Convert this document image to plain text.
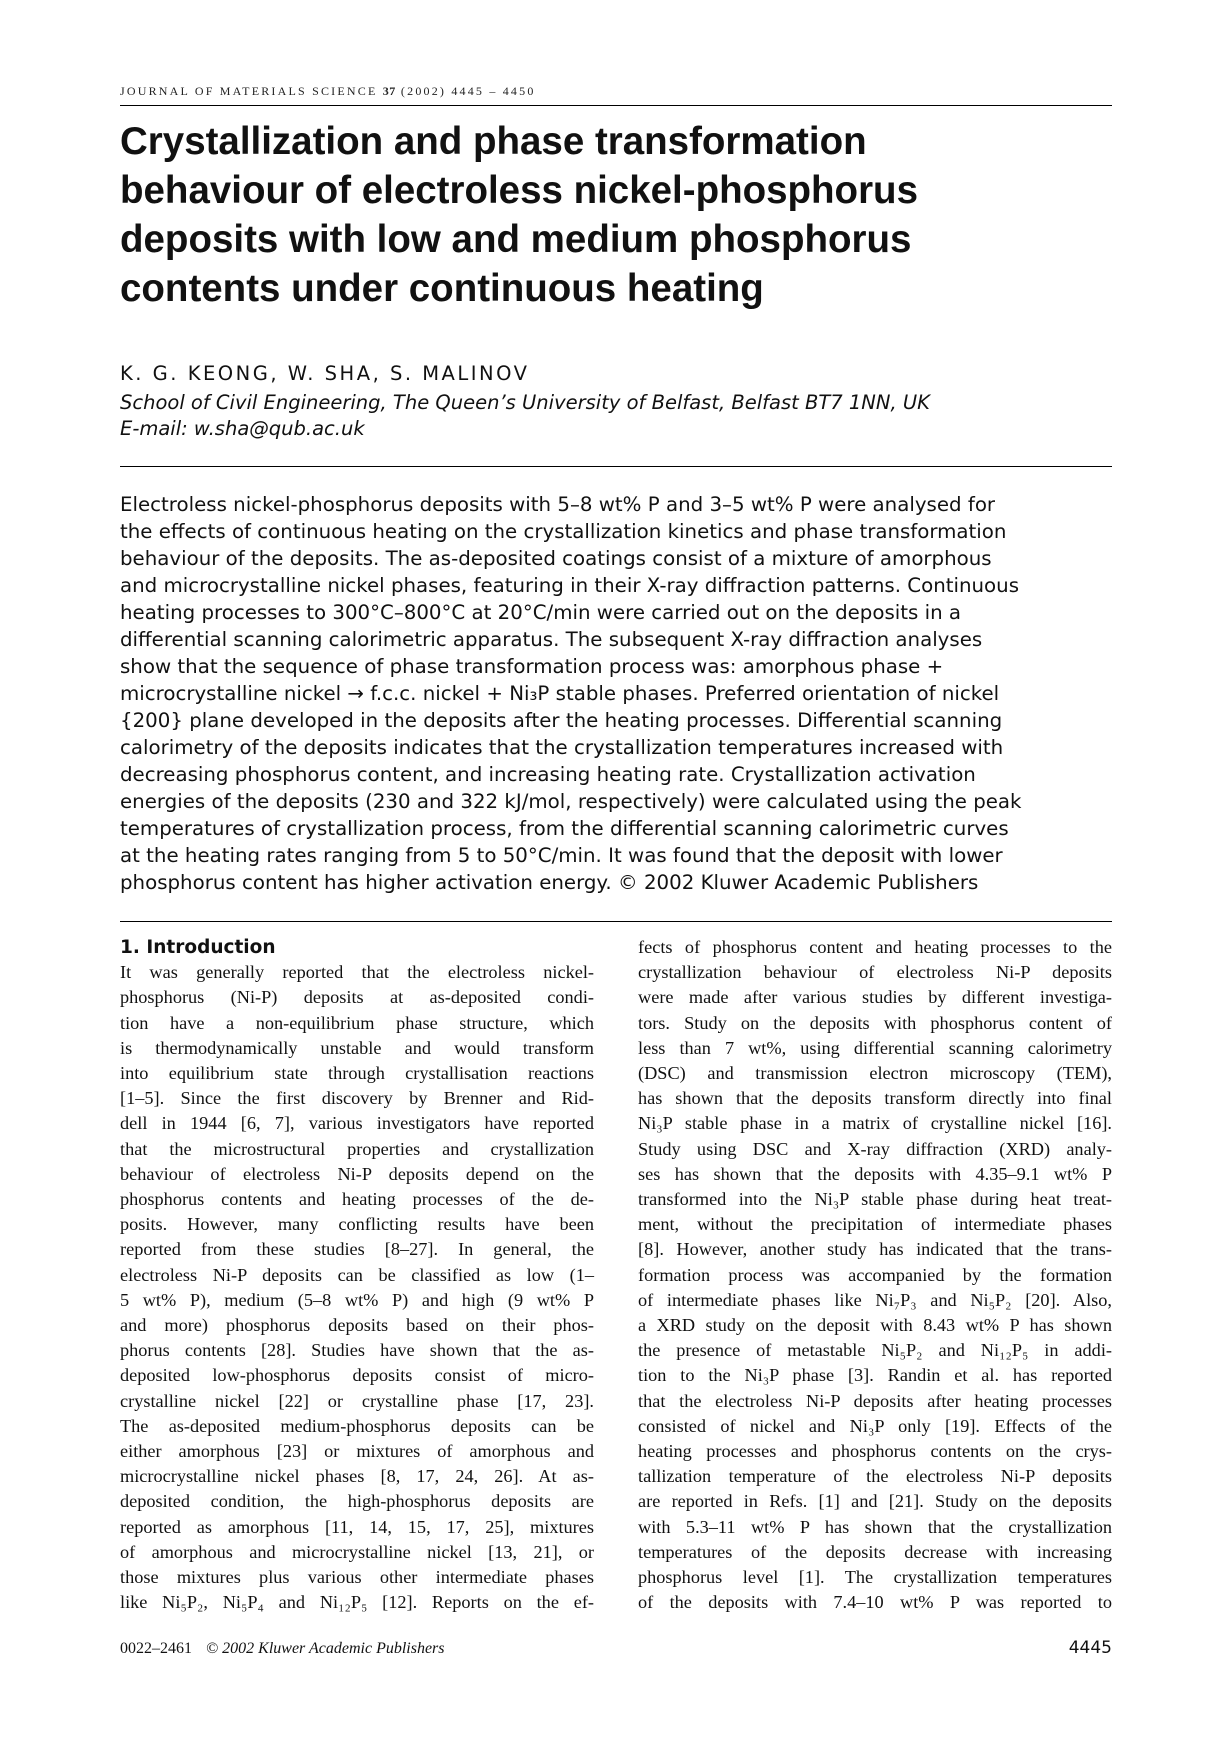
JOURNAL OF MATERIALS SCIENCE 37 (2002) 4445 – 4450
Crystallization and phase transformation
behaviour of electroless nickel-phosphorus
deposits with low and medium phosphorus
contents under continuous heating
K. G. KEONG, W. SHA, S. MALINOV
School of Civil Engineering, The Queen’s University of Belfast, Belfast BT7 1NN, UK
E-mail: w.sha@qub.ac.uk
Electroless nickel-phosphorus deposits with 5–8 wt% P and 3–5 wt% P were analysed for
the effects of continuous heating on the crystallization kinetics and phase transformation
behaviour of the deposits. The as-deposited coatings consist of a mixture of amorphous
and microcrystalline nickel phases, featuring in their X-ray diffraction patterns. Continuous
heating processes to 300°C–800°C at 20°C/min were carried out on the deposits in a
differential scanning calorimetric apparatus. The subsequent X-ray diffraction analyses
show that the sequence of phase transformation process was: amorphous phase +
microcrystalline nickel → f.c.c. nickel + Ni₃P stable phases. Preferred orientation of nickel
{200} plane developed in the deposits after the heating processes. Differential scanning
calorimetry of the deposits indicates that the crystallization temperatures increased with
decreasing phosphorus content, and increasing heating rate. Crystallization activation
energies of the deposits (230 and 322 kJ/mol, respectively) were calculated using the peak
temperatures of crystallization process, from the differential scanning calorimetric curves
at the heating rates ranging from 5 to 50°C/min. It was found that the deposit with lower
phosphorus content has higher activation energy. © 2002 Kluwer Academic Publishers
1. Introduction
It was generally reported that the electroless nickel-
phosphorus (Ni-P) deposits at as-deposited condi-
tion have a non-equilibrium phase structure, which
is thermodynamically unstable and would transform
into equilibrium state through crystallisation reactions
[1–5]. Since the first discovery by Brenner and Rid-
dell in 1944 [6, 7], various investigators have reported
that the microstructural properties and crystallization
behaviour of electroless Ni-P deposits depend on the
phosphorus contents and heating processes of the de-
posits. However, many conflicting results have been
reported from these studies [8–27]. In general, the
electroless Ni-P deposits can be classified as low (1–
5 wt% P), medium (5–8 wt% P) and high (9 wt% P
and more) phosphorus deposits based on their phos-
phorus contents [28]. Studies have shown that the as-
deposited low-phosphorus deposits consist of micro-
crystalline nickel [22] or crystalline phase [17, 23].
The as-deposited medium-phosphorus deposits can be
either amorphous [23] or mixtures of amorphous and
microcrystalline nickel phases [8, 17, 24, 26]. At as-
deposited condition, the high-phosphorus deposits are
reported as amorphous [11, 14, 15, 17, 25], mixtures
of amorphous and microcrystalline nickel [13, 21], or
those mixtures plus various other intermediate phases
like Ni₅P₂, Ni₅P₄ and Ni₁₂P₅ [12]. Reports on the ef-
fects of phosphorus content and heating processes to the
crystallization behaviour of electroless Ni-P deposits
were made after various studies by different investiga-
tors. Study on the deposits with phosphorus content of
less than 7 wt%, using differential scanning calorimetry
(DSC) and transmission electron microscopy (TEM),
has shown that the deposits transform directly into final
Ni₃P stable phase in a matrix of crystalline nickel [16].
Study using DSC and X-ray diffraction (XRD) analy-
ses has shown that the deposits with 4.35–9.1 wt% P
transformed into the Ni₃P stable phase during heat treat-
ment, without the precipitation of intermediate phases
[8]. However, another study has indicated that the trans-
formation process was accompanied by the formation
of intermediate phases like Ni₇P₃ and Ni₅P₂ [20]. Also,
a XRD study on the deposit with 8.43 wt% P has shown
the presence of metastable Ni₅P₂ and Ni₁₂P₅ in addi-
tion to the Ni₃P phase [3]. Randin et al. has reported
that the electroless Ni-P deposits after heating processes
consisted of nickel and Ni₃P only [19]. Effects of the
heating processes and phosphorus contents on the crys-
tallization temperature of the electroless Ni-P deposits
are reported in Refs. [1] and [21]. Study on the deposits
with 5.3–11 wt% P has shown that the crystallization
temperatures of the deposits decrease with increasing
phosphorus level [1]. The crystallization temperatures
of the deposits with 7.4–10 wt% P was reported to
0022–2461 © 2002 Kluwer Academic Publishers	4445
